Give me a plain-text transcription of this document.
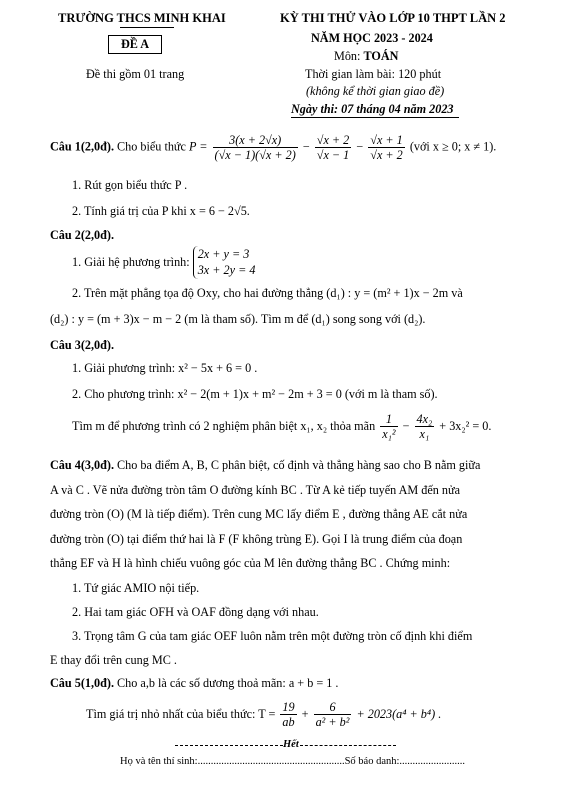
TRƯỜNG THCS MINH KHAI
ĐỀ A
Đề thi gồm 01 trang
KỲ THI THỬ VÀO LỚP 10 THPT LẦN 2
NĂM HỌC 2023 - 2024
Môn: TOÁN
Thời gian làm bài: 120 phút
(không kể thời gian giao đề)
Ngày thi: 07 tháng 04 năm 2023
Câu 1(2,0đ). Cho biểu thức $P = \frac{3(x + 2√x)}{(√x - 1)(√x + 2)} - \frac{√x + 2}{√x - 1} - \frac{√x + 1}{√x + 2}$ (với x ≥ 0; x ≠ 1).
1. Rút gọn biểu thức P .
2. Tính giá trị của P khi x = 6 − 2√5.
Câu 2(2,0đ).
1. Giải hệ phương trình:
2x + y = 3
3x + 2y = 4
2. Trên mặt phẳng tọa độ Oxy, cho hai đường thẳng (d₁) : y = (m² + 1)x − 2m và
(d₂) : y = (m + 3)x − m − 2 (m là tham số). Tìm m để (d₁) song song với (d₂).
Câu 3(2,0đ).
1. Giải phương trình: x² − 5x + 6 = 0 .
2. Cho phương trình: x² − 2(m + 1)x + m² − 2m + 3 = 0 (với m là tham số).
Tìm m để phương trình có 2 nghiệm phân biệt x₁, x₂ thỏa mãn $\frac{1}{\text{x₁²}} - \frac{\text{4x₂}}{\text{x₁}} + 3x_2^2 = 0$.
Câu 4(3,0đ). Cho ba điểm A, B, C phân biệt, cố định và thẳng hàng sao cho B nằm giữa
A và C . Vẽ nửa đường tròn tâm O đường kính BC . Từ A kẻ tiếp tuyến AM đến nửa
đường tròn (O) (M là tiếp điểm). Trên cung MC lấy điểm E , đường thẳng AE cắt nửa
đường tròn (O) tại điểm thứ hai là F (F không trùng E). Gọi I là trung điểm của đoạn
thẳng EF và H là hình chiếu vuông góc của M lên đường thẳng BC . Chứng minh:
1. Tứ giác AMIO nội tiếp.
2. Hai tam giác OFH và OAF đồng dạng với nhau.
3. Trọng tâm G của tam giác OEF luôn nằm trên một đường tròn cố định khi điểm
E thay đổi trên cung MC .
Câu 5(1,0đ). Cho a,b là các số dương thoả mãn: a + b = 1 .
Tìm giá trị nhỏ nhất của biểu thức: $T = \frac{19}{ab} + \frac{6}{\text{a² + b²}} + 2023(a^4 + b^4)$ .
Hết
Họ và tên thí sinh:........................................................Số báo danh:.........................
